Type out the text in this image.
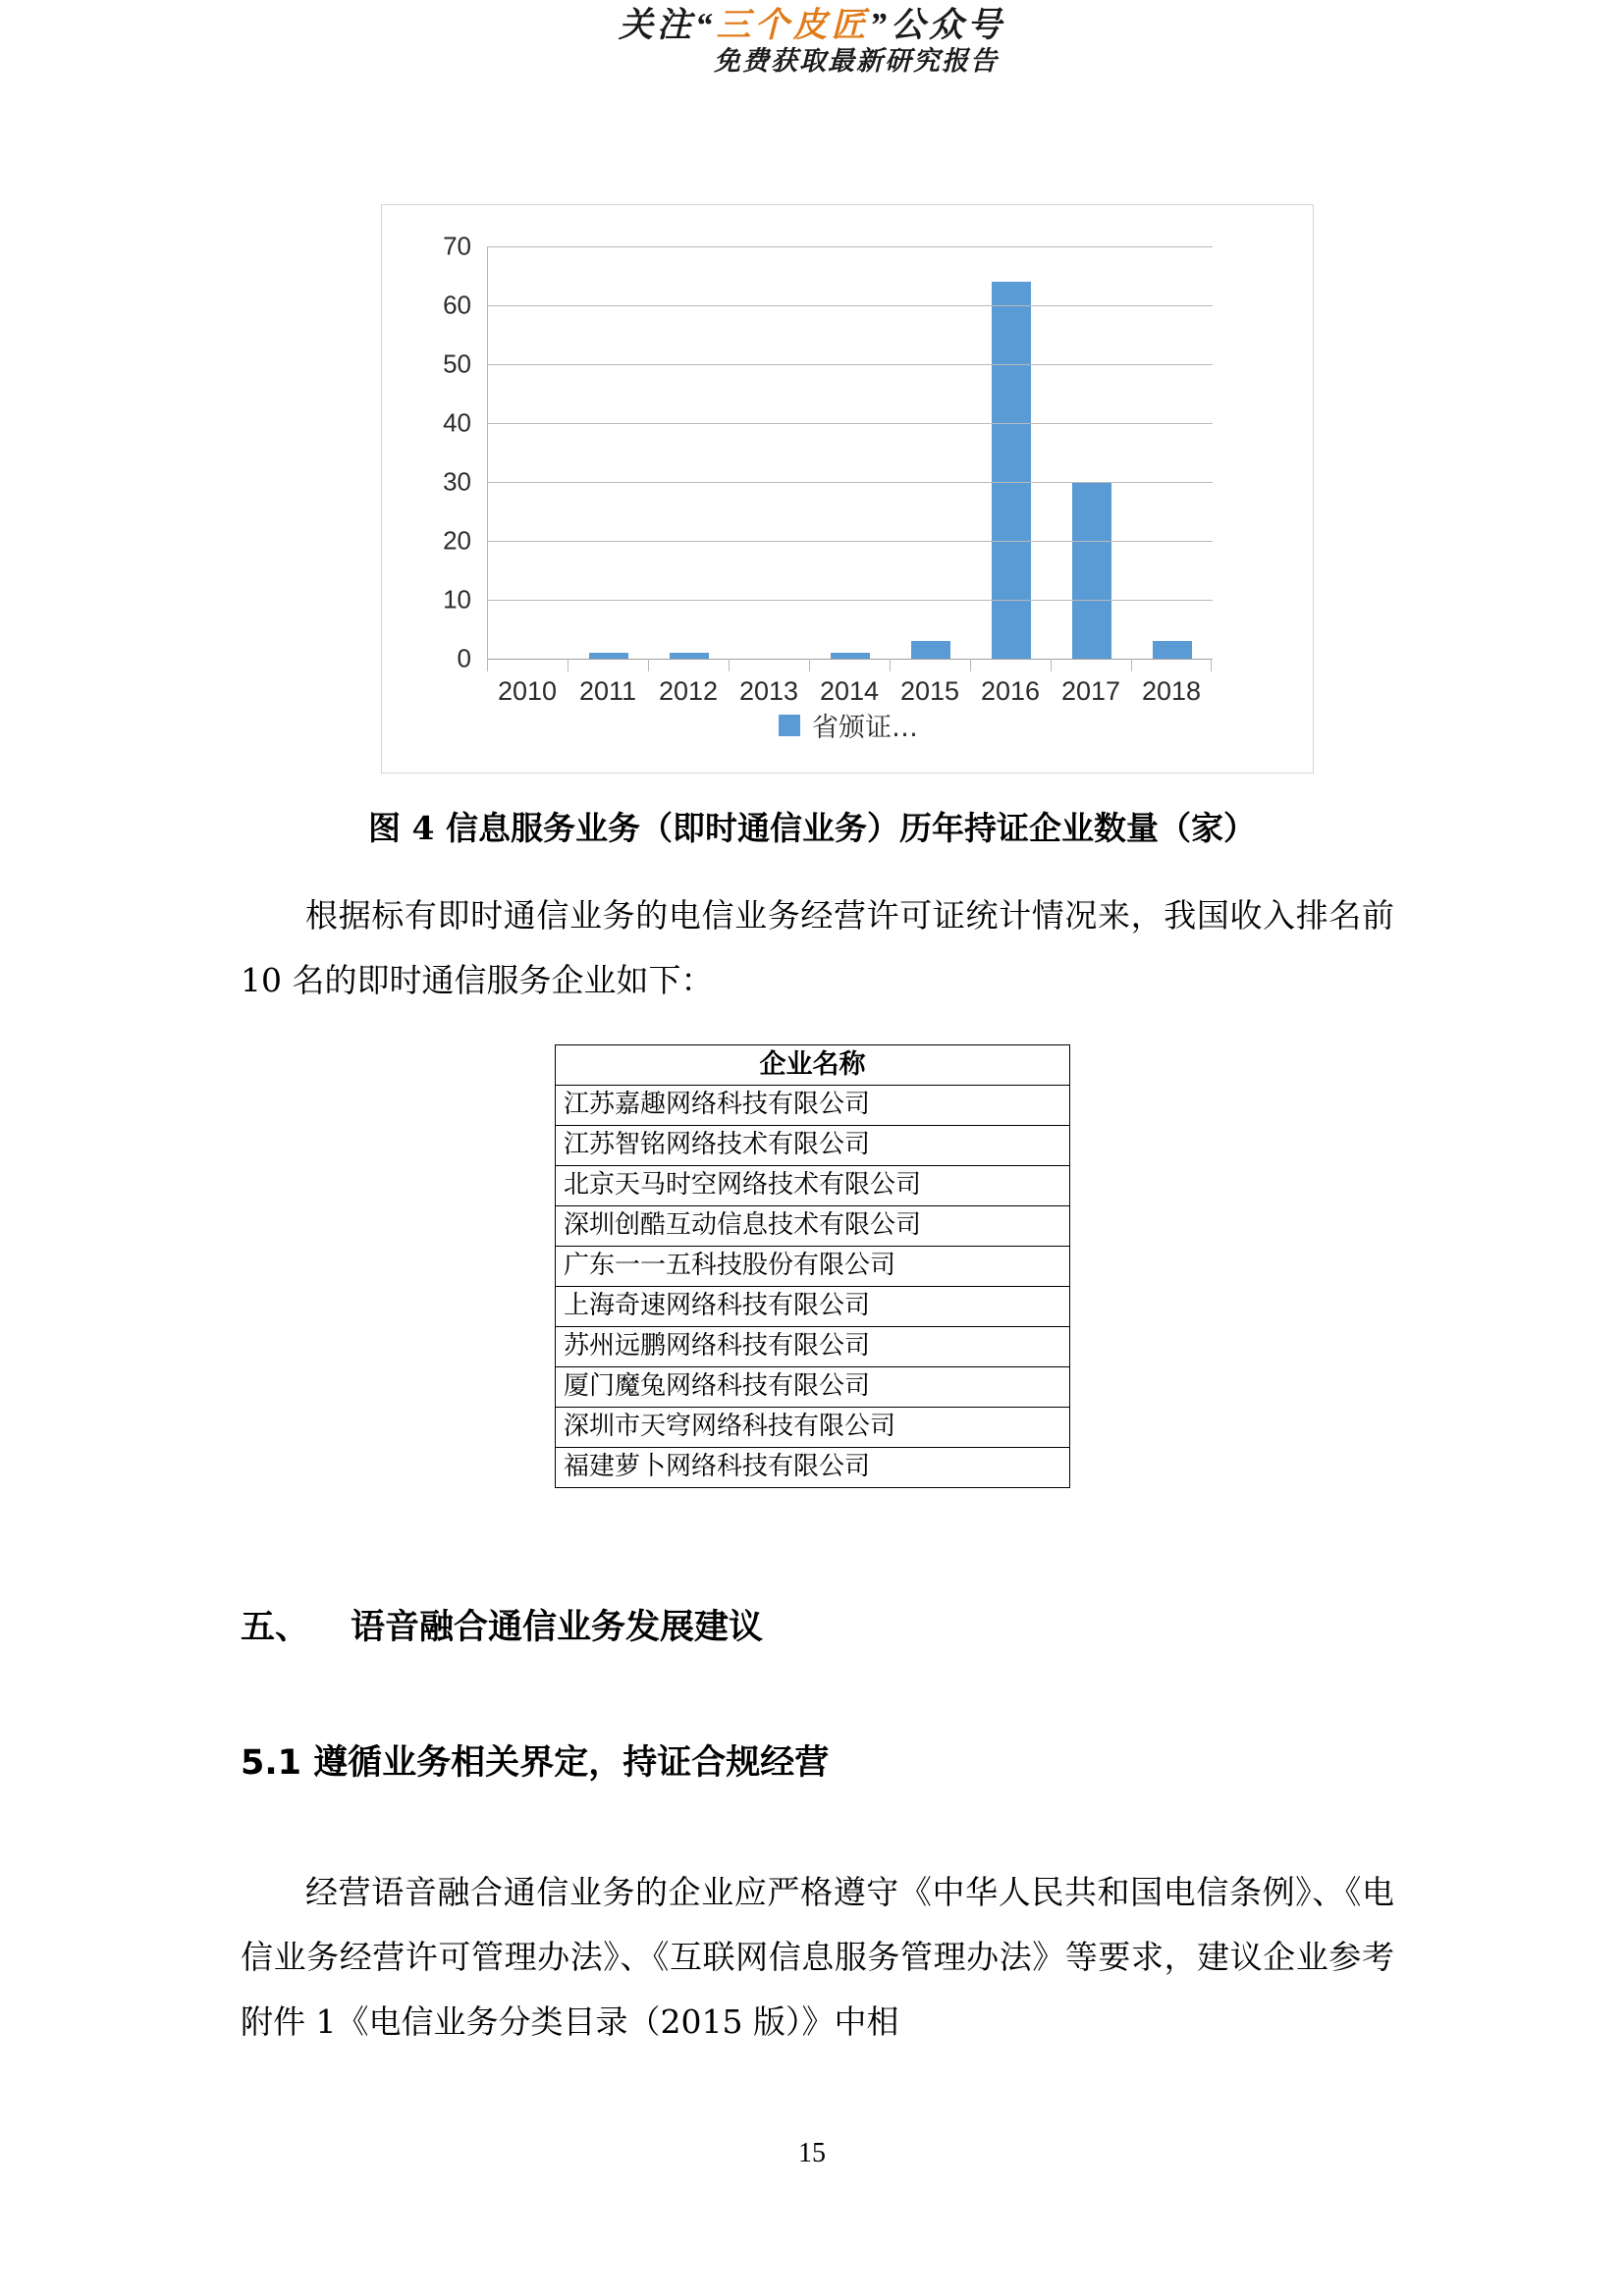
关注“三个皮匠”公众号
免费获取最新研究报告
0
10
20
30
40
50
60
70
2010 2011 2012 2013 2014 2015 2016 2017 2018
省颁证…
图 4 信息服务业务（即时通信业务）历年持证企业数量（家）
根据标有即时通信业务的电信业务经营许可证统计情况来，我国收入排名前 10 名的即时通信服务企业如下：
企业名称
江苏嘉趣网络科技有限公司
江苏智铭网络技术有限公司
北京天马时空网络技术有限公司
深圳创酷互动信息技术有限公司
广东一一五科技股份有限公司
上海奇速网络科技有限公司
苏州远鹏网络科技有限公司
厦门魔兔网络科技有限公司
深圳市天穹网络科技有限公司
福建萝卜网络科技有限公司
五、 语音融合通信业务发展建议
5.1 遵循业务相关界定，持证合规经营
经营语音融合通信业务的企业应严格遵守《中华人民共和国电信条例》、《电信业务经营许可管理办法》、《互联网信息服务管理办法》等要求，建议企业参考附件 1《电信业务分类目录（2015 版）》中相
15
